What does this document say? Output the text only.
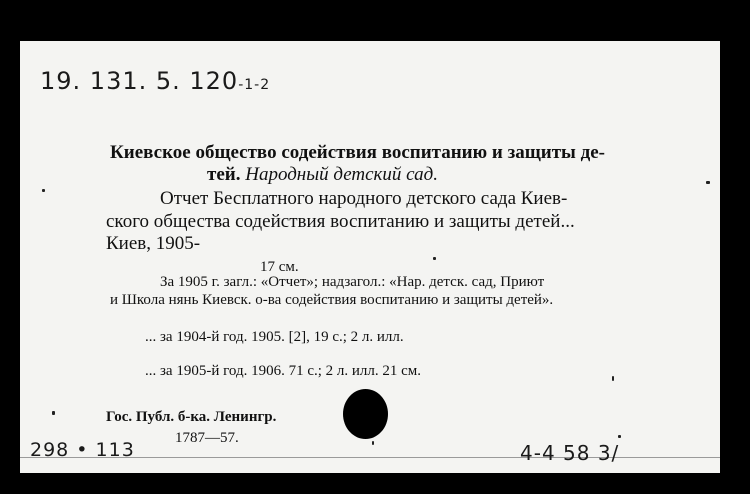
19. 131. 5. 120-1-2

Киевское общество содействия воспитанию и защиты де-

тей. Народный детский сад.

Отчет Бесплатного народного детского сада Киев-

ского общества содействия воспитанию и защиты детей...

Киев, 1905-

17 см.

За 1905 г. загл.: «Отчет»; надзагол.: «Нар. детск. сад, Приют

и Школа нянь Киевск. о-ва содействия воспитанию и защиты детей».

... за 1904-й год. 1905. [2], 19 с.; 2 л. илл.

... за 1905-й год. 1906. 71 с.; 2 л. илл. 21 см.

Гос. Публ. б-ка. Ленингр.

1787—57.

298 • 113	4-4 58 3/
